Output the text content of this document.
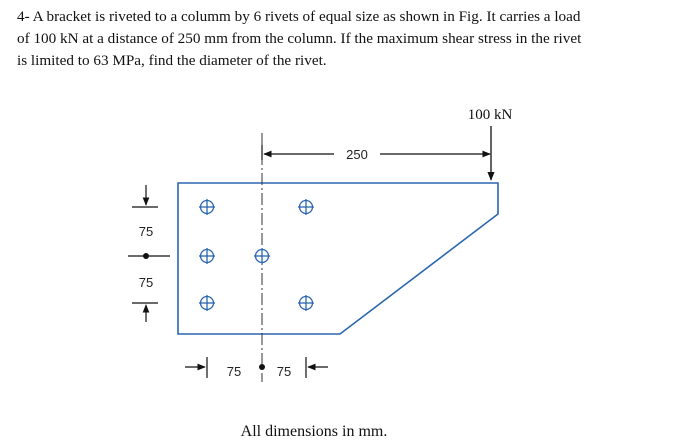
4- A bracket is riveted to a columm by 6 rivets of equal size as shown in Fig. It carries a load
of 100 kN at a distance of 250 mm from the column. If the maximum shear stress in the rivet
is limited to 63 MPa, find the diameter of the rivet.
250
100 kN
75
75
75	75
All dimensions in mm.
